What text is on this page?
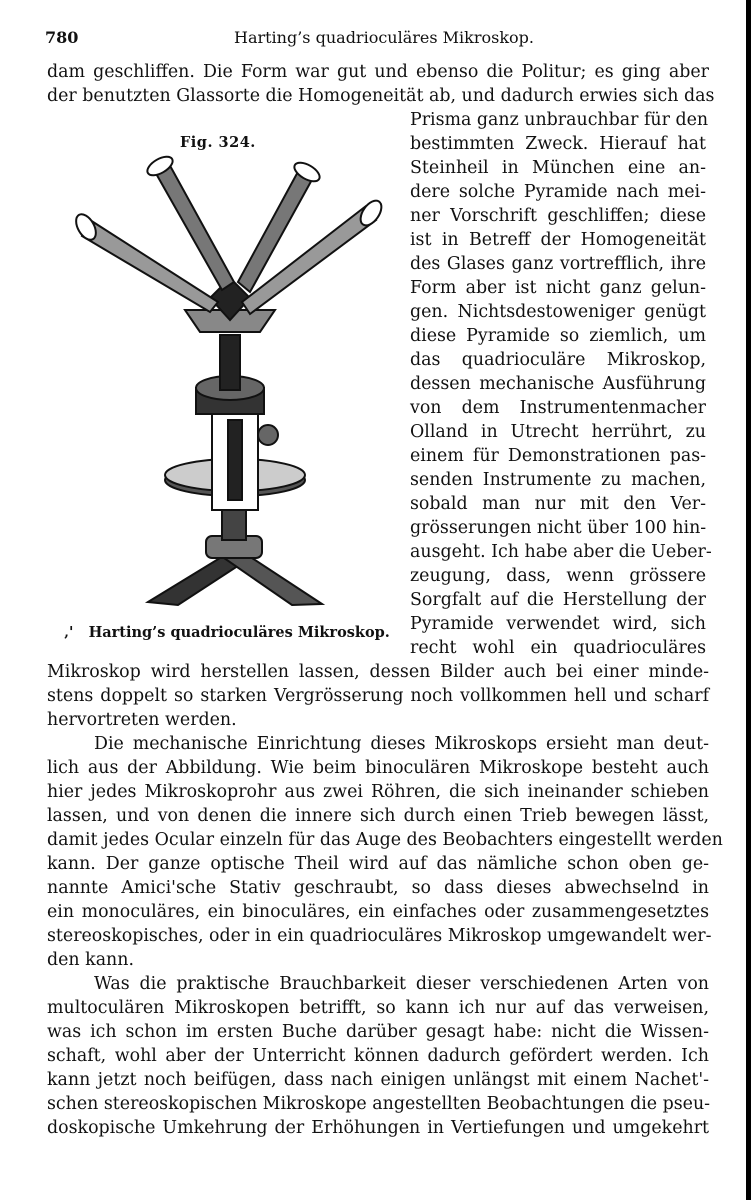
780	Harting’s quadrioculäres Mikroskop.
dam geschliffen. Die Form war gut und ebenso die Politur; es ging aber
der benutzten Glassorte die Homogeneität ab, und dadurch erwies sich das
Fig. 324.
‚' Harting’s quadrioculäres Mikroskop.
Prisma ganz unbrauchbar für den
bestimmten Zweck. Hierauf hat
Steinheil in München eine an-
dere solche Pyramide nach mei-
ner Vorschrift geschliffen; diese
ist in Betreff der Homogeneität
des Glases ganz vortrefflich, ihre
Form aber ist nicht ganz gelun-
gen. Nichtsdestoweniger genügt
diese Pyramide so ziemlich, um
das quadrioculäre Mikroskop,
dessen mechanische Ausführung
von dem Instrumentenmacher
Olland in Utrecht herrührt, zu
einem für Demonstrationen pas-
senden Instrumente zu machen,
sobald man nur mit den Ver-
grösserungen nicht über 100 hin-
ausgeht. Ich habe aber die Ueber-
zeugung, dass, wenn grössere
Sorgfalt auf die Herstellung der
Pyramide verwendet wird, sich
recht wohl ein quadrioculäres
Mikroskop wird herstellen lassen, dessen Bilder auch bei einer minde-
stens doppelt so starken Vergrösserung noch vollkommen hell und scharf
hervortreten werden.
Die mechanische Einrichtung dieses Mikroskops ersieht man deut-
lich aus der Abbildung. Wie beim binoculären Mikroskope besteht auch
hier jedes Mikroskoprohr aus zwei Röhren, die sich ineinander schieben
lassen, und von denen die innere sich durch einen Trieb bewegen lässt,
damit jedes Ocular einzeln für das Auge des Beobachters eingestellt werden
kann. Der ganze optische Theil wird auf das nämliche schon oben ge-
nannte Amici'sche Stativ geschraubt, so dass dieses abwechselnd in
ein monoculäres, ein binoculäres, ein einfaches oder zusammengesetztes
stereoskopisches, oder in ein quadrioculäres Mikroskop umgewandelt wer-
den kann.
Was die praktische Brauchbarkeit dieser verschiedenen Arten von
multoculären Mikroskopen betrifft, so kann ich nur auf das verweisen,
was ich schon im ersten Buche darüber gesagt habe: nicht die Wissen-
schaft, wohl aber der Unterricht können dadurch gefördert werden. Ich
kann jetzt noch beifügen, dass nach einigen unlängst mit einem Nachet'-
schen stereoskopischen Mikroskope angestellten Beobachtungen die pseu-
doskopische Umkehrung der Erhöhungen in Vertiefungen und umgekehrt
